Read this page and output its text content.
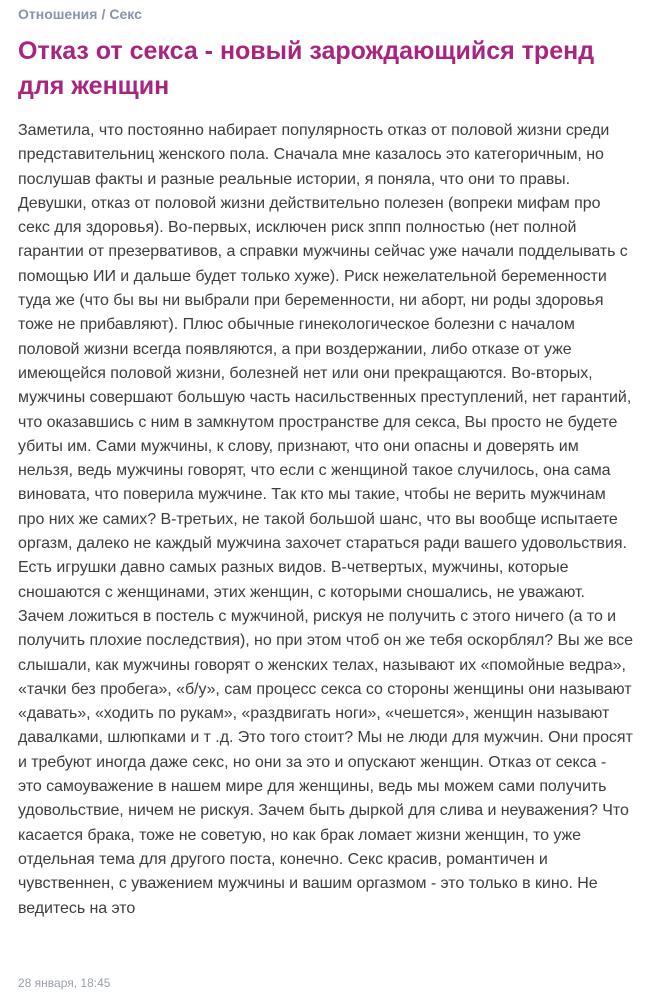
Отношения / Секс
Отказ от секса - новый зарождающийся тренд для женщин

Заметила, что постоянно набирает популярность отказ от половой жизни среди представительниц женского пола. Сначала мне казалось это категоричным, но послушав факты и разные реальные истории, я поняла, что они то правы. Девушки, отказ от половой жизни действительно полезен (вопреки мифам про секс для здоровья). Во-первых, исключен риск зппп полностью (нет полной гарантии от презервативов, а справки мужчины сейчас уже начали подделывать с помощью ИИ и дальше будет только хуже). Риск нежелательной беременности туда же (что бы вы ни выбрали при беременности, ни аборт, ни роды здоровья тоже не прибавляют). Плюс обычные гинекологическое болезни с началом половой жизни всегда появляются, а при воздержании, либо отказе от уже имеющейся половой жизни, болезней нет или они прекращаются. Во-вторых, мужчины совершают большую часть насильственных преступлений, нет гарантий, что оказавшись с ним в замкнутом пространстве для секса, Вы просто не будете убиты им. Сами мужчины, к слову, признают, что они опасны и доверять им нельзя, ведь мужчины говорят, что если с женщиной такое случилось, она сама виновата, что поверила мужчине. Так кто мы такие, чтобы не верить мужчинам про них же самих? В-третьих, не такой большой шанс, что вы вообще испытаете оргазм, далеко не каждый мужчина захочет стараться ради вашего удовольствия. Есть игрушки давно самых разных видов. В-четвертых, мужчины, которые сношаются с женщинами, этих женщин, с которыми сношались, не уважают. Зачем ложиться в постель с мужчиной, рискуя не получить с этого ничего (а то и получить плохие последствия), но при этом чтоб он же тебя оскорблял? Вы же все слышали, как мужчины говорят о женских телах, называют их «помойные ведра», «тачки без пробега», «б/у», сам процесс секса со стороны женщины они называют «давать», «ходить по рукам», «раздвигать ноги», «чешется», женщин называют давалками, шлюпками и т .д. Это того стоит? Мы не люди для мужчин. Они просят и требуют иногда даже секс, но они за это и опускают женщин. Отказ от секса - это самоуважение в нашем мире для женщины, ведь мы можем сами получить удовольствие, ничем не рискуя. Зачем быть дыркой для слива и неуважения? Что касается брака, тоже не советую, но как брак ломает жизни женщин, то уже отдельная тема для другого поста, конечно. Секс красив, романтичен и чувственнен, с уважением мужчины и вашим оргазмом - это только в кино. Не ведитесь на это

28 января, 18:45
